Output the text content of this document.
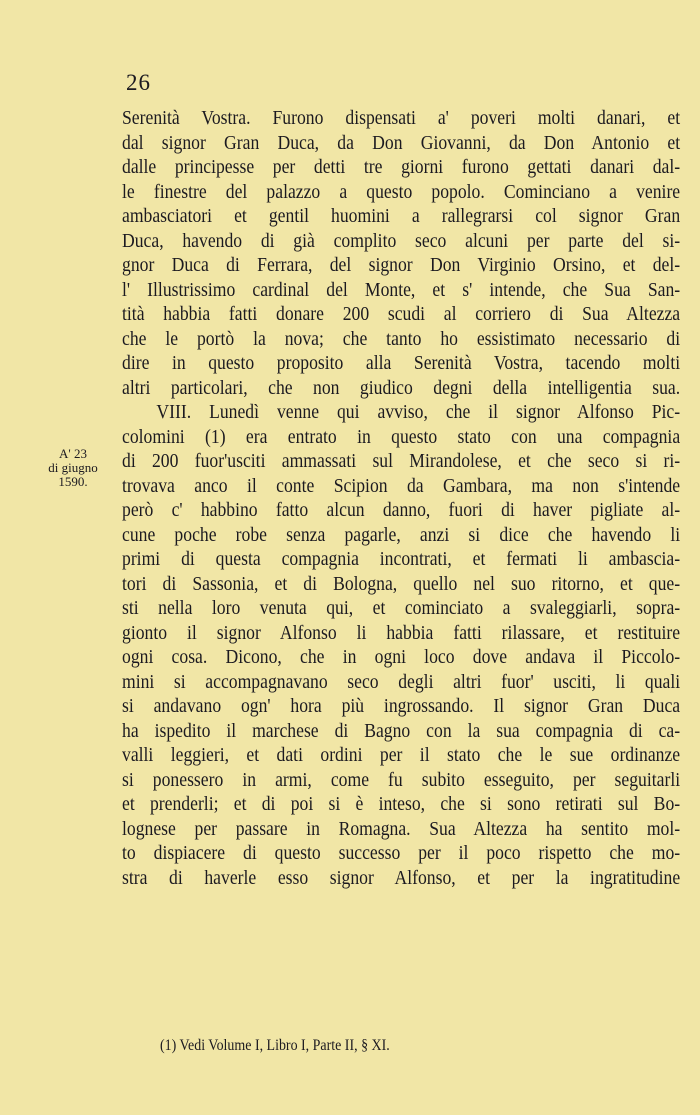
26
A' 23
di giugno
1590.
Serenità Vostra. Furono dispensati a' poveri molti danari, et
dal signor Gran Duca, da Don Giovanni, da Don Antonio et
dalle principesse per detti tre giorni furono gettati danari dal-
le finestre del palazzo a questo popolo. Cominciano a venire
ambasciatori et gentil huomini a rallegrarsi col signor Gran
Duca, havendo di già complito seco alcuni per parte del si-
gnor Duca di Ferrara, del signor Don Virginio Orsino, et del-
l' Illustrissimo cardinal del Monte, et s' intende, che Sua San-
tità habbia fatti donare 200 scudi al corriero di Sua Altezza
che le portò la nova; che tanto ho essistimato necessario di
dire in questo proposito alla Serenità Vostra, tacendo molti
altri particolari, che non giudico degni della intelligentia sua.
VIII. Lunedì venne qui avviso, che il signor Alfonso Pic-
colomini (1) era entrato in questo stato con una compagnia
di 200 fuor'usciti ammassati sul Mirandolese, et che seco si ri-
trovava anco il conte Scipion da Gambara, ma non s'intende
però c' habbino fatto alcun danno, fuori di haver pigliate al-
cune poche robe senza pagarle, anzi si dice che havendo li
primi di questa compagnia incontrati, et fermati li ambascia-
tori di Sassonia, et di Bologna, quello nel suo ritorno, et que-
sti nella loro venuta qui, et cominciato a svaleggiarli, sopra-
gionto il signor Alfonso li habbia fatti rilassare, et restituire
ogni cosa. Dicono, che in ogni loco dove andava il Piccolo-
mini si accompagnavano seco degli altri fuor' usciti, li quali
si andavano ogn' hora più ingrossando. Il signor Gran Duca
ha ispedito il marchese di Bagno con la sua compagnia di ca-
valli leggieri, et dati ordini per il stato che le sue ordinanze
si ponessero in armi, come fu subito esseguito, per seguitarli
et prenderli; et di poi si è inteso, che si sono retirati sul Bo-
lognese per passare in Romagna. Sua Altezza ha sentito mol-
to dispiacere di questo successo per il poco rispetto che mo-
stra di haverle esso signor Alfonso, et per la ingratitudine
(1) Vedi Volume I, Libro I, Parte II, § XI.
